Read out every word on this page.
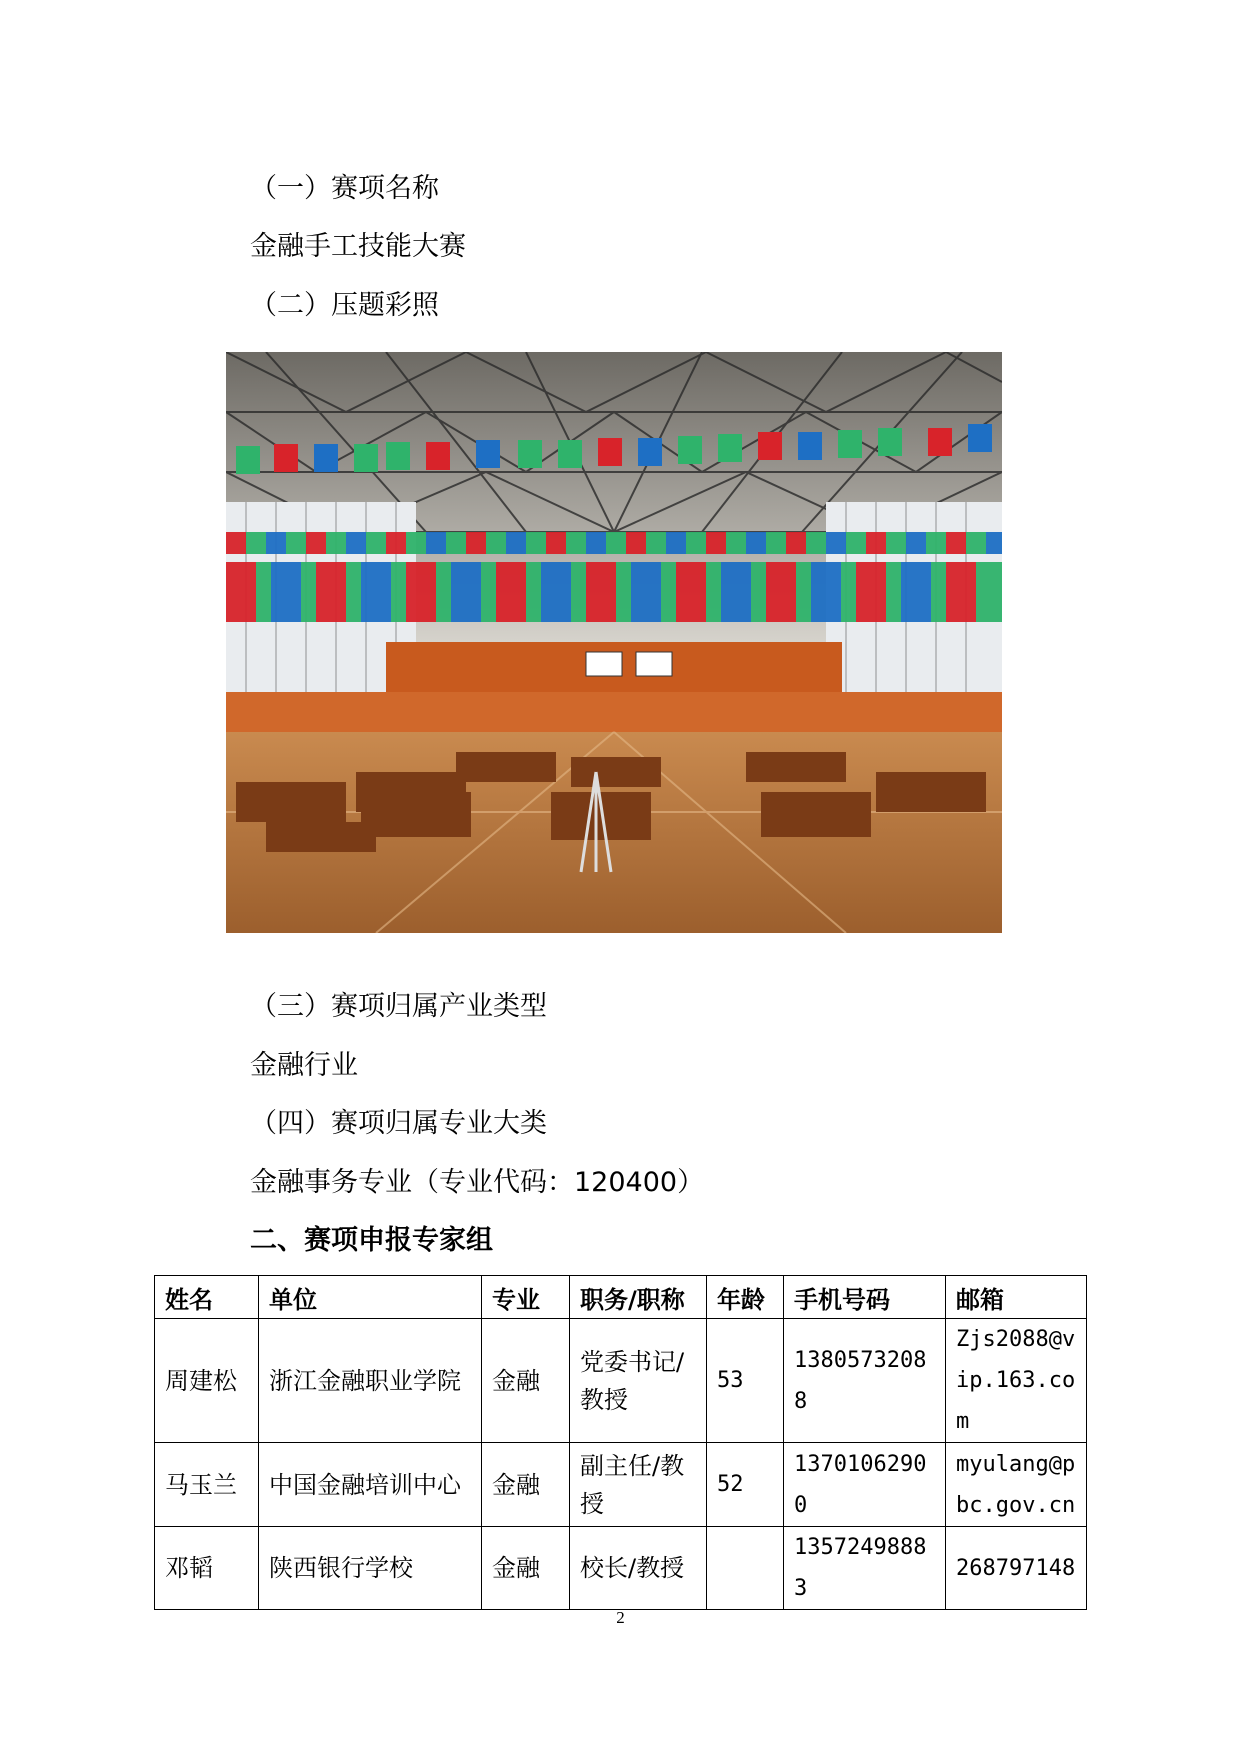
（一）赛项名称
金融手工技能大赛
（二）压题彩照
（三）赛项归属产业类型
金融行业
（四）赛项归属专业大类
金融事务专业（专业代码：120400）
二、赛项申报专家组
姓名	单位	专业	职务/职称	年龄	手机号码	邮箱
周建松	浙江金融职业学院	金融	党委书记/教授	53	13805732088	Zjs2088@vip.163.com
马玉兰	中国金融培训中心	金融	副主任/教授	52	13701062900	myulang@pbc.gov.cn
邓韬	陕西银行学校	金融	校长/教授		13572498883	268797148
2
